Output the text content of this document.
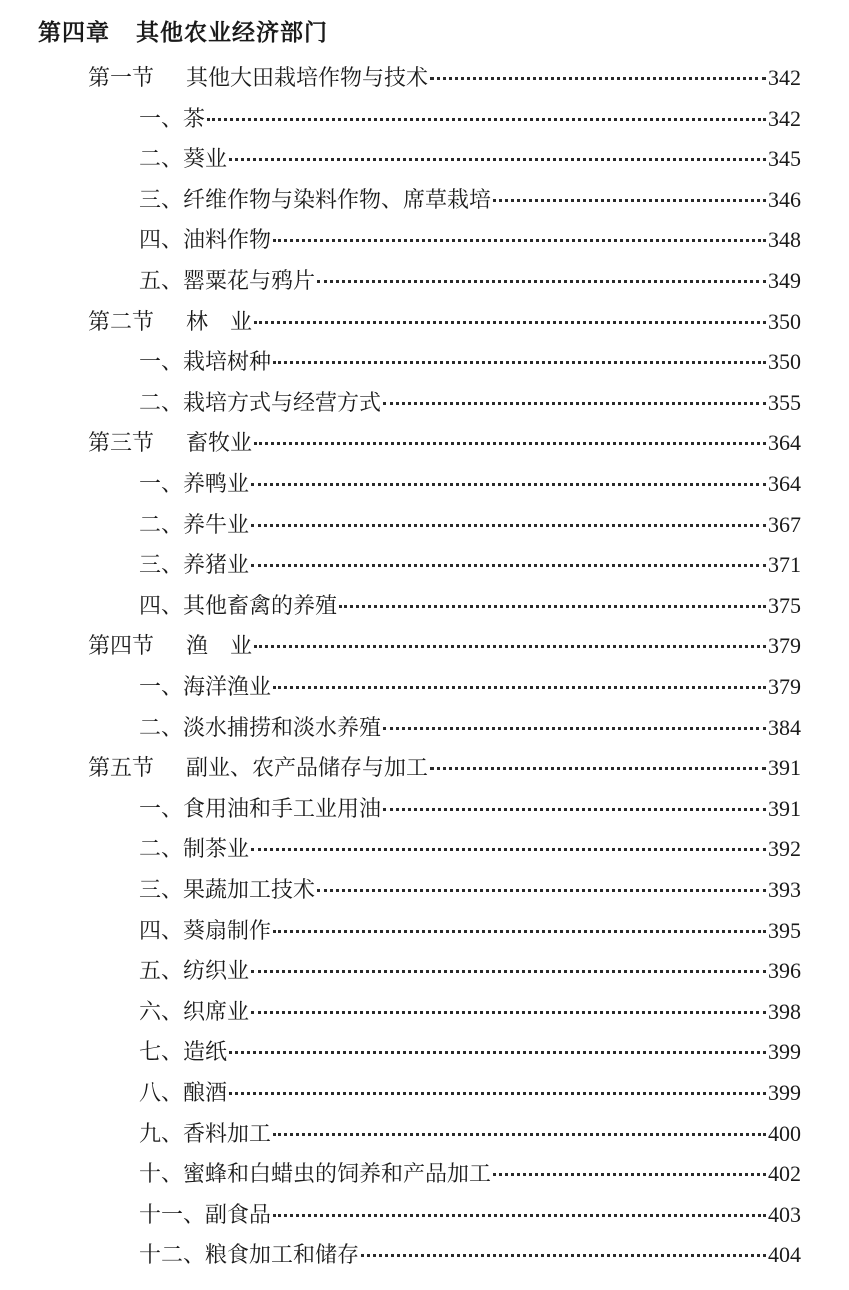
第四章 其他农业经济部门
第一节 其他大田栽培作物与技术	342
一、茶	342
二、葵业	345
三、纤维作物与染料作物、席草栽培	346
四、油料作物	348
五、罂粟花与鸦片	349
第二节 林　业	350
一、栽培树种	350
二、栽培方式与经营方式	355
第三节 畜牧业	364
一、养鸭业	364
二、养牛业	367
三、养猪业	371
四、其他畜禽的养殖	375
第四节 渔　业	379
一、海洋渔业	379
二、淡水捕捞和淡水养殖	384
第五节 副业、农产品储存与加工	391
一、食用油和手工业用油	391
二、制茶业	392
三、果蔬加工技术	393
四、葵扇制作	395
五、纺织业	396
六、织席业	398
七、造纸	399
八、酿酒	399
九、香料加工	400
十、蜜蜂和白蜡虫的饲养和产品加工	402
十一、副食品	403
十二、粮食加工和储存	404
